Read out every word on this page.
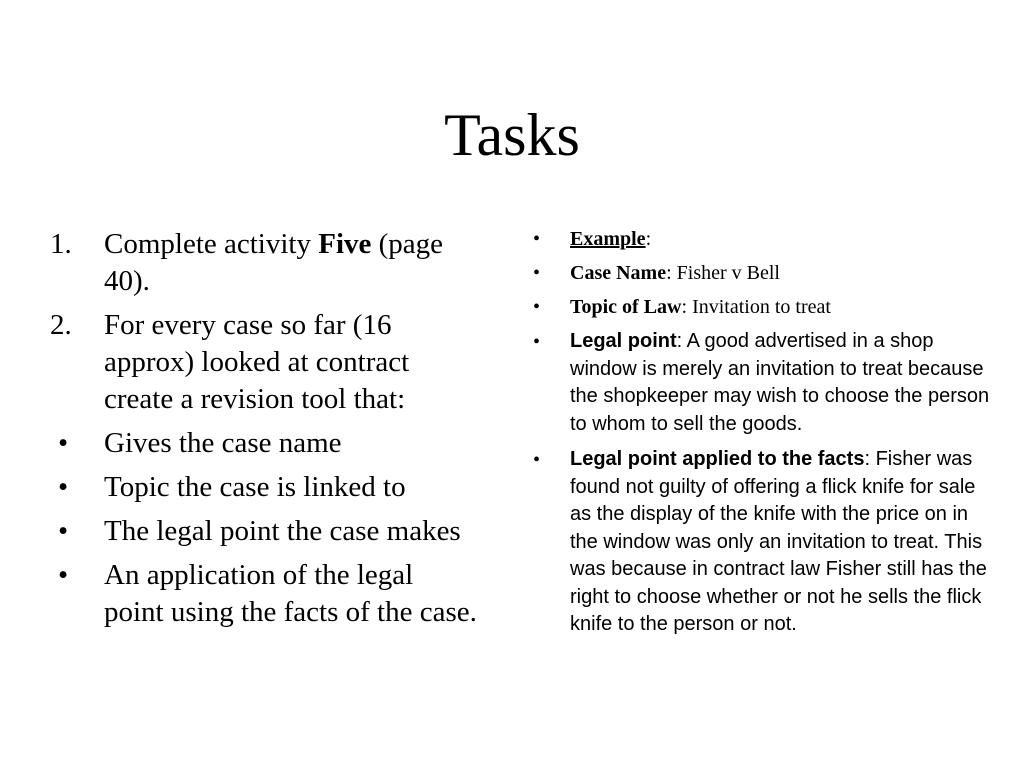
Tasks
1.	Complete activity Five (page 40).
2.	For every case so far (16 approx) looked at contract create a revision tool that:
•	Gives the case name
•	Topic the case is linked to
•	The legal point the case makes
•	An application of the legal point using the facts of the case.
• Example:
• Case Name: Fisher v Bell
• Topic of Law: Invitation to treat
• Legal point: A good advertised in a shop window is merely an invitation to treat because the shopkeeper may wish to choose the person to whom to sell the goods.
• Legal point applied to the facts: Fisher was found not guilty of offering a flick knife for sale as the display of the knife with the price on in the window was only an invitation to treat. This was because in contract law Fisher still has the right to choose whether or not he sells the flick knife to the person or not.
